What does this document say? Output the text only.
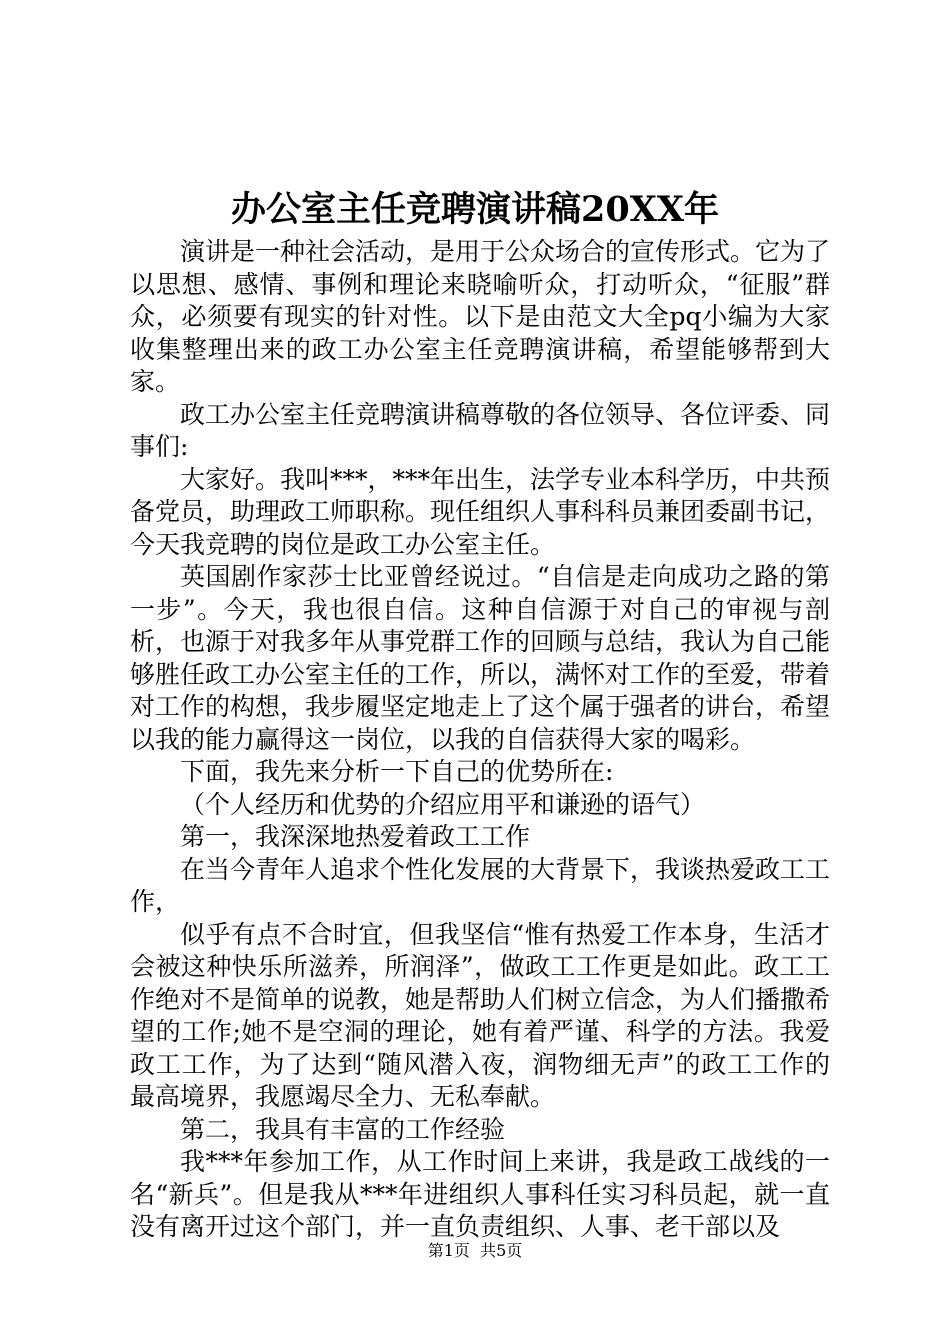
办公室主任竞聘演讲稿20XX年

演讲是一种社会活动，是用于公众场合的宣传形式。它为了以思想、感情、事例和理论来晓喻听众，打动听众，“征服”群众，必须要有现实的针对性。以下是由范文大全pq小编为大家收集整理出来的政工办公室主任竞聘演讲稿，希望能够帮到大家。

政工办公室主任竞聘演讲稿尊敬的各位领导、各位评委、同事们:

大家好。我叫***，***年出生，法学专业本科学历，中共预备党员，助理政工师职称。现任组织人事科科员兼团委副书记，今天我竞聘的岗位是政工办公室主任。

英国剧作家莎士比亚曾经说过。“自信是走向成功之路的第一步”。今天，我也很自信。这种自信源于对自己的审视与剖析，也源于对我多年从事党群工作的回顾与总结，我认为自己能够胜任政工办公室主任的工作，所以，满怀对工作的至爱，带着对工作的构想，我步履坚定地走上了这个属于强者的讲台，希望以我的能力赢得这一岗位，以我的自信获得大家的喝彩。

下面，我先来分析一下自己的优势所在:

（个人经历和优势的介绍应用平和谦逊的语气）

第一，我深深地热爱着政工工作

在当今青年人追求个性化发展的大背景下，我谈热爱政工工作，

似乎有点不合时宜，但我坚信“惟有热爱工作本身，生活才会被这种快乐所滋养，所润泽”，做政工工作更是如此。政工工作绝对不是简单的说教，她是帮助人们树立信念，为人们播撒希望的工作;她不是空洞的理论，她有着严谨、科学的方法。我爱政工工作，为了达到“随风潜入夜，润物细无声”的政工工作的最高境界，我愿竭尽全力、无私奉献。

第二，我具有丰富的工作经验

我***年参加工作，从工作时间上来讲，我是政工战线的一名“新兵”。但是我从***年进组织人事科任实习科员起，就一直没有离开过这个部门，并一直负责组织、人事、老干部以及

第1页 共5页
